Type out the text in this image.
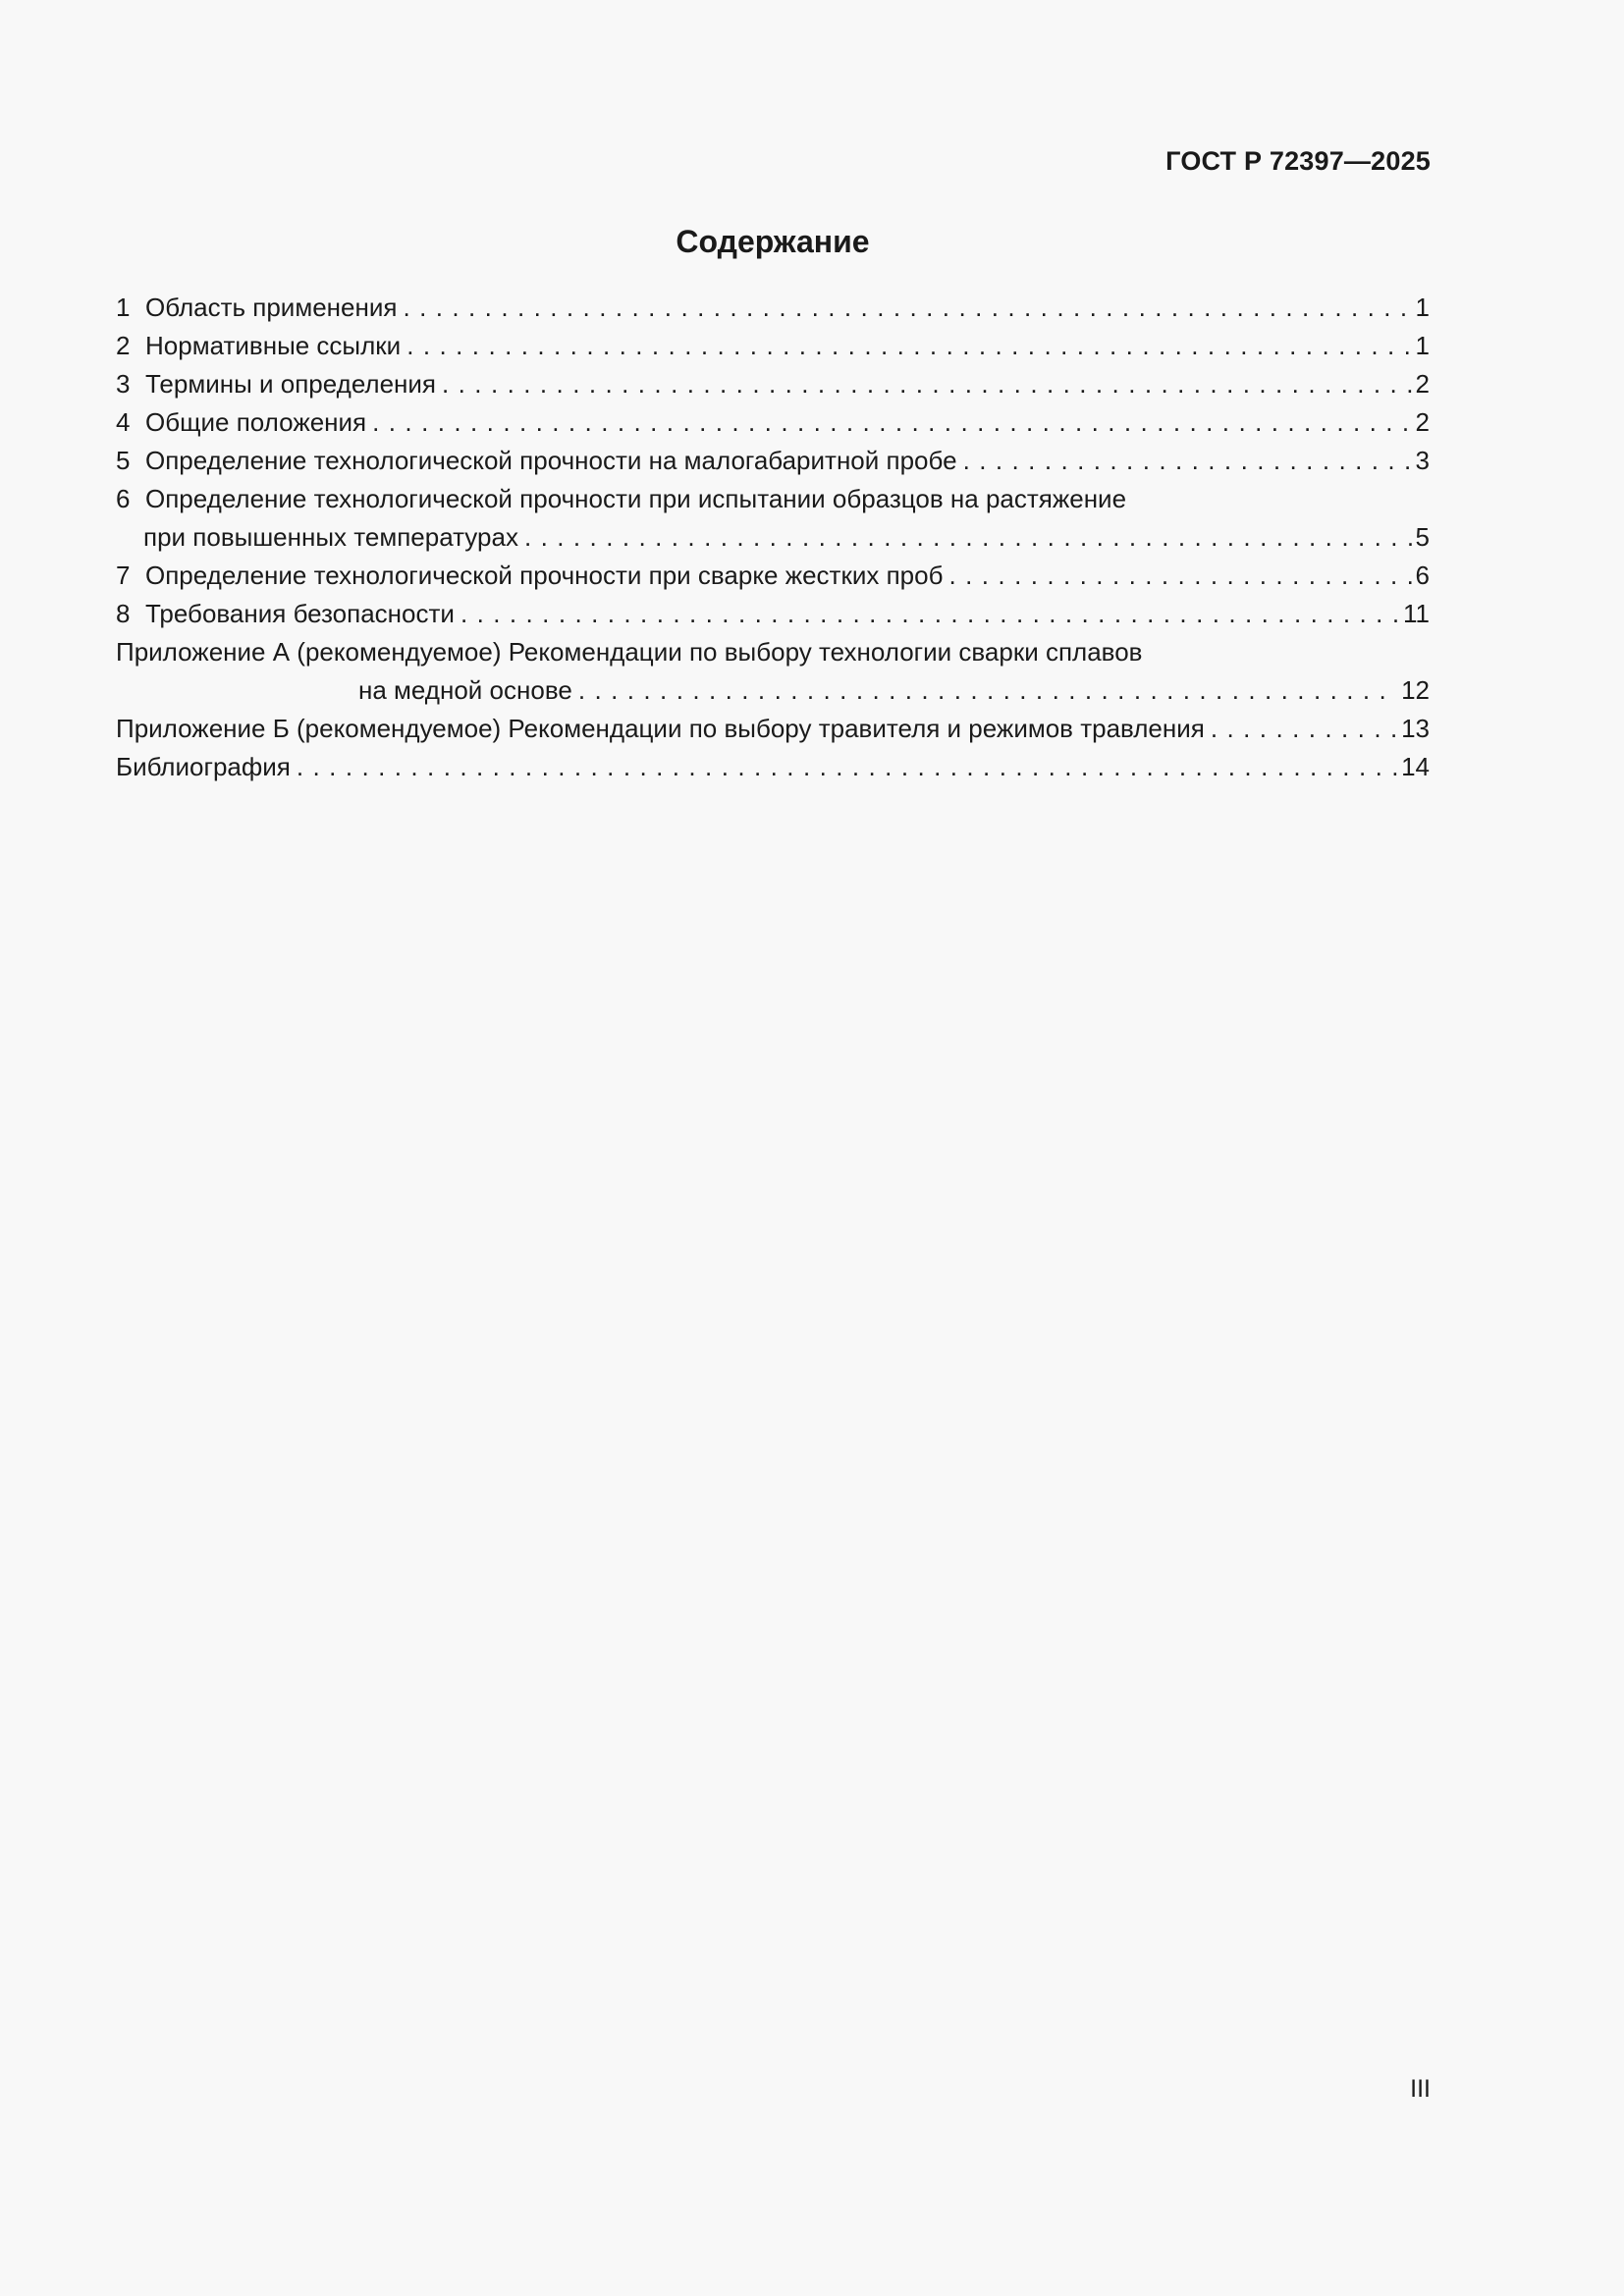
ГОСТ Р 72397—2025
Содержание
1 Область применения . . .	1
2 Нормативные ссылки . . .	1
3 Термины и определения . . .	2
4 Общие положения . . .	2
5 Определение технологической прочности на малогабаритной пробе . . .	3
6 Определение технологической прочности при испытании образцов на растяжение
при повышенных температурах . . .	5
7 Определение технологической прочности при сварке жестких проб . . .	6
8 Требования безопасности . . .	11
Приложение А (рекомендуемое) Рекомендации по выбору технологии сварки сплавов
на медной основе . . .	12
Приложение Б (рекомендуемое) Рекомендации по выбору травителя и режимов травления . . .	13
Библиография . . .	14
III
